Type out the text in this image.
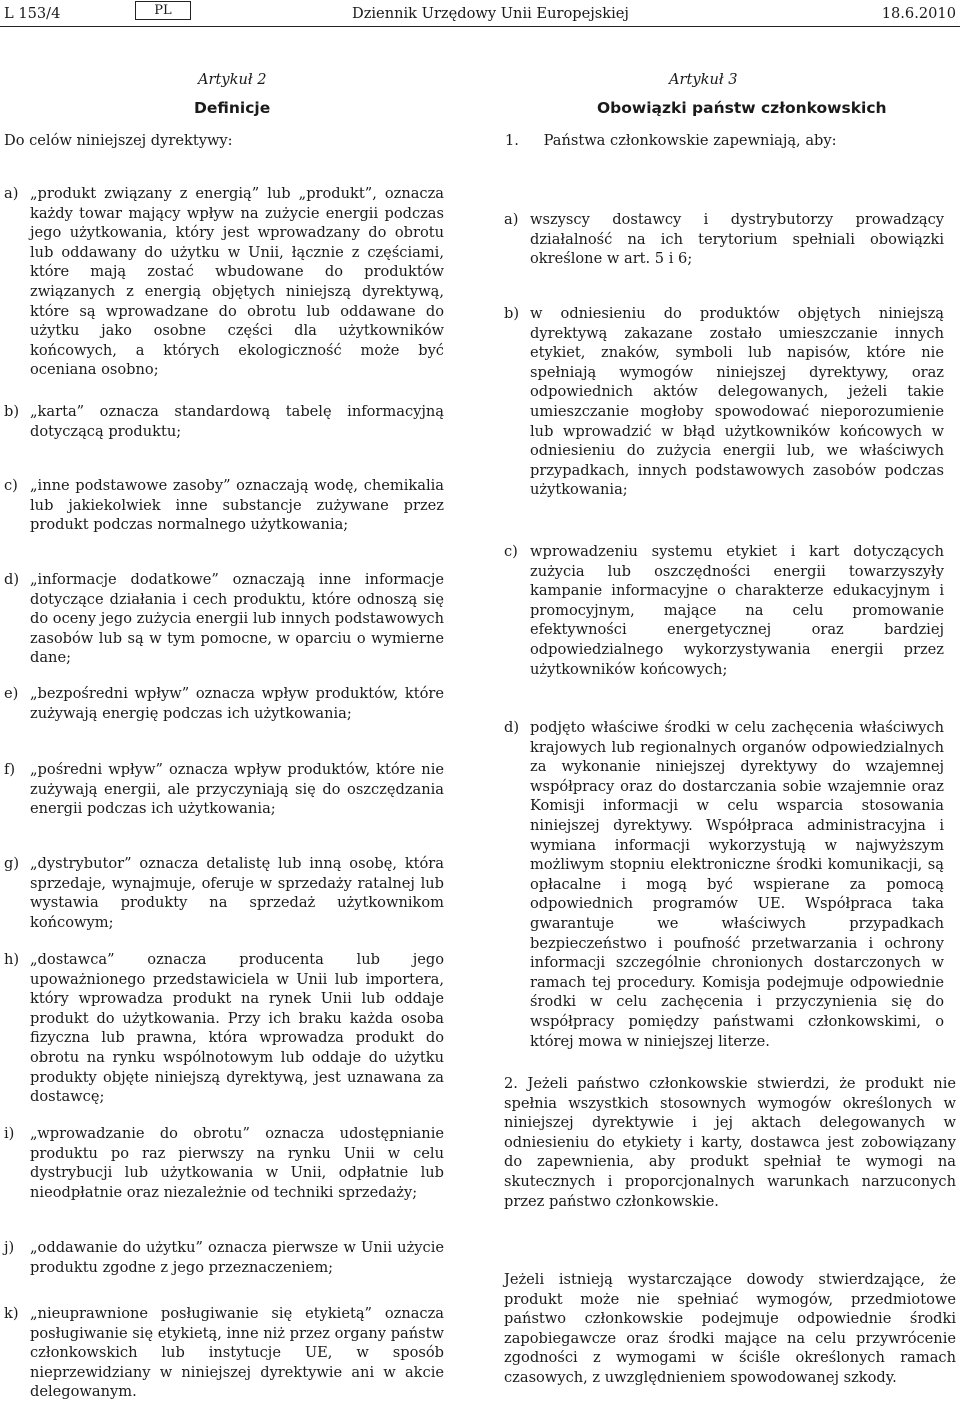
L 153/4	PL	Dziennik Urzędowy Unii Europejskiej	18.6.2010
Artykuł 2
Definicje
Do celów niniejszej dyrektywy:
Artykuł 3
Obowiązki państw członkowskich
1. Państwa członkowskie zapewniają, aby:
a) „produkt związany z energią” lub „produkt”, oznacza każdy towar mający wpływ na zużycie energii podczas jego użytkowania, który jest wprowadzany do obrotu lub oddawany do użytku w Unii, łącznie z częściami, które mają zostać wbudowane do produktów związanych z energią objętych niniejszą dyrektywą, które są wprowadzane do obrotu lub oddawane do użytku jako osobne części dla użytkowników końcowych, a których ekologiczność może być oceniana osobno;
b) „karta” oznacza standardową tabelę informacyjną dotyczącą produktu;
c) „inne podstawowe zasoby” oznaczają wodę, chemikalia lub jakiekolwiek inne substancje zużywane przez produkt podczas normalnego użytkowania;
d) „informacje dodatkowe” oznaczają inne informacje dotyczące działania i cech produktu, które odnoszą się do oceny jego zużycia energii lub innych podstawowych zasobów lub są w tym pomocne, w oparciu o wymierne dane;
e) „bezpośredni wpływ” oznacza wpływ produktów, które zużywają energię podczas ich użytkowania;
f) „pośredni wpływ” oznacza wpływ produktów, które nie zużywają energii, ale przyczyniają się do oszczędzania energii podczas ich użytkowania;
g) „dystrybutor” oznacza detalistę lub inną osobę, która sprzedaje, wynajmuje, oferuje w sprzedaży ratalnej lub wystawia produkty na sprzedaż użytkownikom końcowym;
h) „dostawca” oznacza producenta lub jego upoważnionego przedstawiciela w Unii lub importera, który wprowadza produkt na rynek Unii lub oddaje produkt do użytkowania. Przy ich braku każda osoba fizyczna lub prawna, która wprowadza produkt do obrotu na rynku wspólnotowym lub oddaje do użytku produkty objęte niniejszą dyrektywą, jest uznawana za dostawcę;
i) „wprowadzanie do obrotu” oznacza udostępnianie produktu po raz pierwszy na rynku Unii w celu dystrybucji lub użytkowania w Unii, odpłatnie lub nieodpłatnie oraz niezależnie od techniki sprzedaży;
j) „oddawanie do użytku” oznacza pierwsze w Unii użycie produktu zgodne z jego przeznaczeniem;
k) „nieuprawnione posługiwanie się etykietą” oznacza posługiwanie się etykietą, inne niż przez organy państw członkowskich lub instytucje UE, w sposób nieprzewidziany w niniejszej dyrektywie ani w akcie delegowanym.
a) wszyscy dostawcy i dystrybutorzy prowadzący działalność na ich terytorium spełniali obowiązki określone w art. 5 i 6;
b) w odniesieniu do produktów objętych niniejszą dyrektywą zakazane zostało umieszczanie innych etykiet, znaków, symboli lub napisów, które nie spełniają wymogów niniejszej dyrektywy, oraz odpowiednich aktów delegowanych, jeżeli takie umieszczanie mogłoby spowodować nieporozumienie lub wprowadzić w błąd użytkowników końcowych w odniesieniu do zużycia energii lub, we właściwych przypadkach, innych podstawowych zasobów podczas użytkowania;
c) wprowadzeniu systemu etykiet i kart dotyczących zużycia lub oszczędności energii towarzyszyły kampanie informacyjne o charakterze edukacyjnym i promocyjnym, mające na celu promowanie efektywności energetycznej oraz bardziej odpowiedzialnego wykorzystywania energii przez użytkowników końcowych;
d) podjęto właściwe środki w celu zachęcenia właściwych krajowych lub regionalnych organów odpowiedzialnych za wykonanie niniejszej dyrektywy do wzajemnej współpracy oraz do dostarczania sobie wzajemnie oraz Komisji informacji w celu wsparcia stosowania niniejszej dyrektywy. Współpraca administracyjna i wymiana informacji wykorzystują w najwyższym możliwym stopniu elektroniczne środki komunikacji, są opłacalne i mogą być wspierane za pomocą odpowiednich programów UE. Współpraca taka gwarantuje we właściwych przypadkach bezpieczeństwo i poufność przetwarzania i ochrony informacji szczególnie chronionych dostarczonych w ramach tej procedury. Komisja podejmuje odpowiednie środki w celu zachęcenia i przyczynienia się do współpracy pomiędzy państwami członkowskimi, o której mowa w niniejszej literze.
2. Jeżeli państwo członkowskie stwierdzi, że produkt nie spełnia wszystkich stosownych wymogów określonych w niniejszej dyrektywie i jej aktach delegowanych w odniesieniu do etykiety i karty, dostawca jest zobowiązany do zapewnienia, aby produkt spełniał te wymogi na skutecznych i proporcjonalnych warunkach narzuconych przez państwo członkowskie.
Jeżeli istnieją wystarczające dowody stwierdzające, że produkt może nie spełniać wymogów, przedmiotowe państwo członkowskie podejmuje odpowiednie środki zapobiegawcze oraz środki mające na celu przywrócenie zgodności z wymogami w ściśle określonych ramach czasowych, z uwzględnieniem spowodowanej szkody.
